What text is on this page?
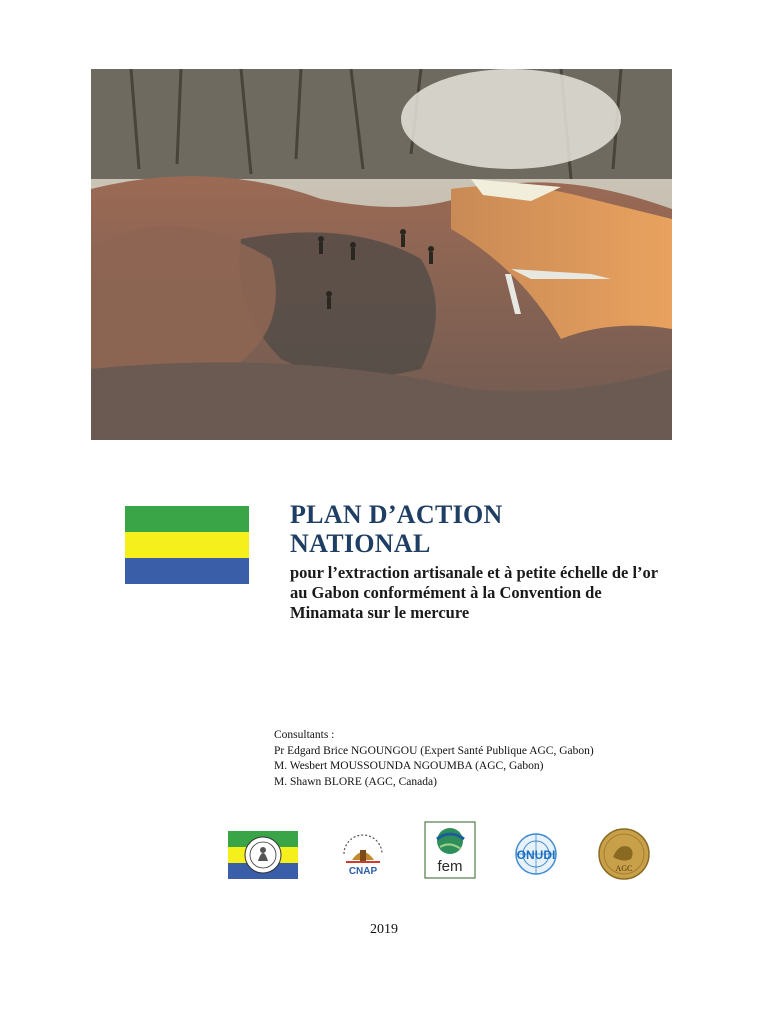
PLAN D’ACTION
NATIONAL

pour l’extraction artisanale et à petite échelle de l’or au Gabon conformément à la Convention de Minamata sur le mercure

Consultants :
Pr Edgard Brice NGOUNGOU (Expert Santé Publique AGC, Gabon)
M. Wesbert MOUSSOUNDA NGOUMBA (AGC, Gabon)
M. Shawn BLORE (AGC, Canada)
CNAP	fem
ONUDI
AGC
2019
